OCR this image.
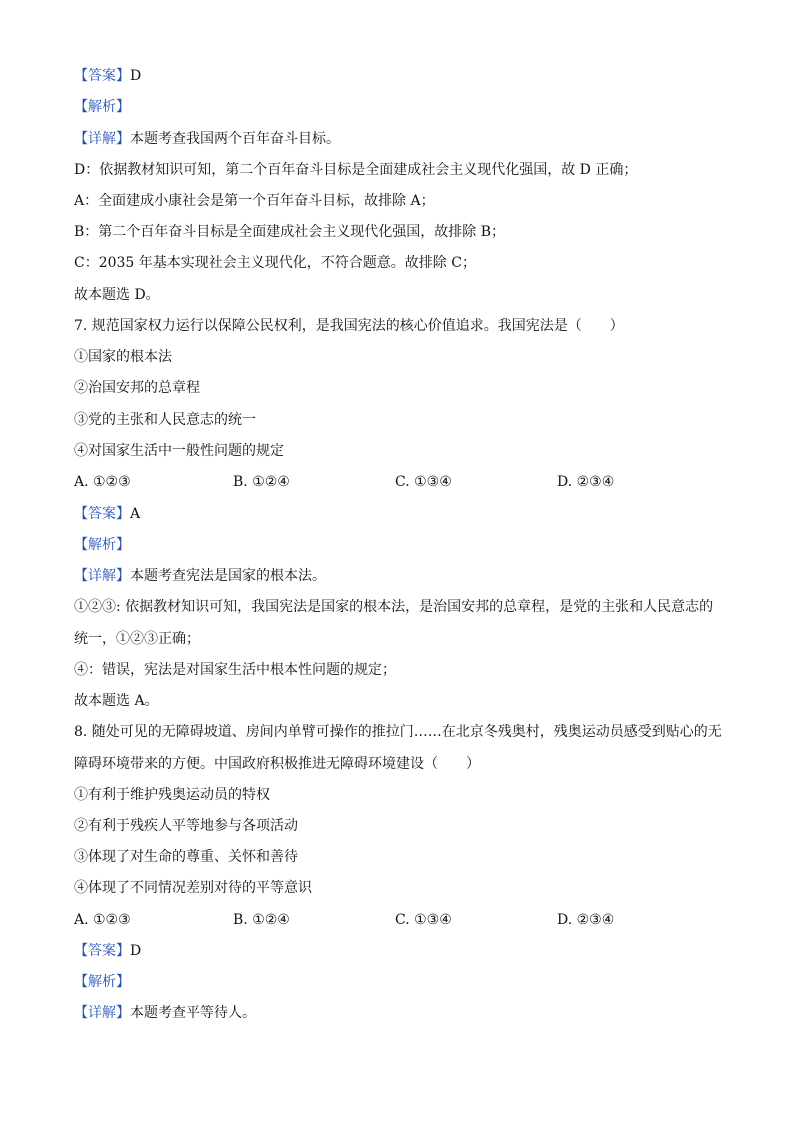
【答案】D
【解析】
【详解】本题考查我国两个百年奋斗目标。
D：依据教材知识可知，第二个百年奋斗目标是全面建成社会主义现代化强国，故 D 正确；
A：全面建成小康社会是第一个百年奋斗目标，故排除 A；
B：第二个百年奋斗目标是全面建成社会主义现代化强国，故排除 B；
C：2035 年基本实现社会主义现代化，不符合题意。故排除 C；
故本题选 D。
7. 规范国家权力运行以保障公民权利，是我国宪法的核心价值追求。我国宪法是（　　）
①国家的根本法
②治国安邦的总章程
③党的主张和人民意志的统一
④对国家生活中一般性问题的规定
A. ①②③	B. ①②④	C. ①③④	D. ②③④
【答案】A
【解析】
【详解】本题考查宪法是国家的根本法。
①②③: 依据教材知识可知，我国宪法是国家的根本法，是治国安邦的总章程，是党的主张和人民意志的
统一，①②③正确；
④：错误，宪法是对国家生活中根本性问题的规定；
故本题选 A。
8. 随处可见的无障碍坡道、房间内单臂可操作的推拉门……在北京冬残奥村，残奥运动员感受到贴心的无
障碍环境带来的方便。中国政府积极推进无障碍环境建设（　　）
①有利于维护残奥运动员的特权
②有利于残疾人平等地参与各项活动
③体现了对生命的尊重、关怀和善待
④体现了不同情况差别对待的平等意识
A. ①②③	B. ①②④	C. ①③④	D. ②③④
【答案】D
【解析】
【详解】本题考查平等待人。
